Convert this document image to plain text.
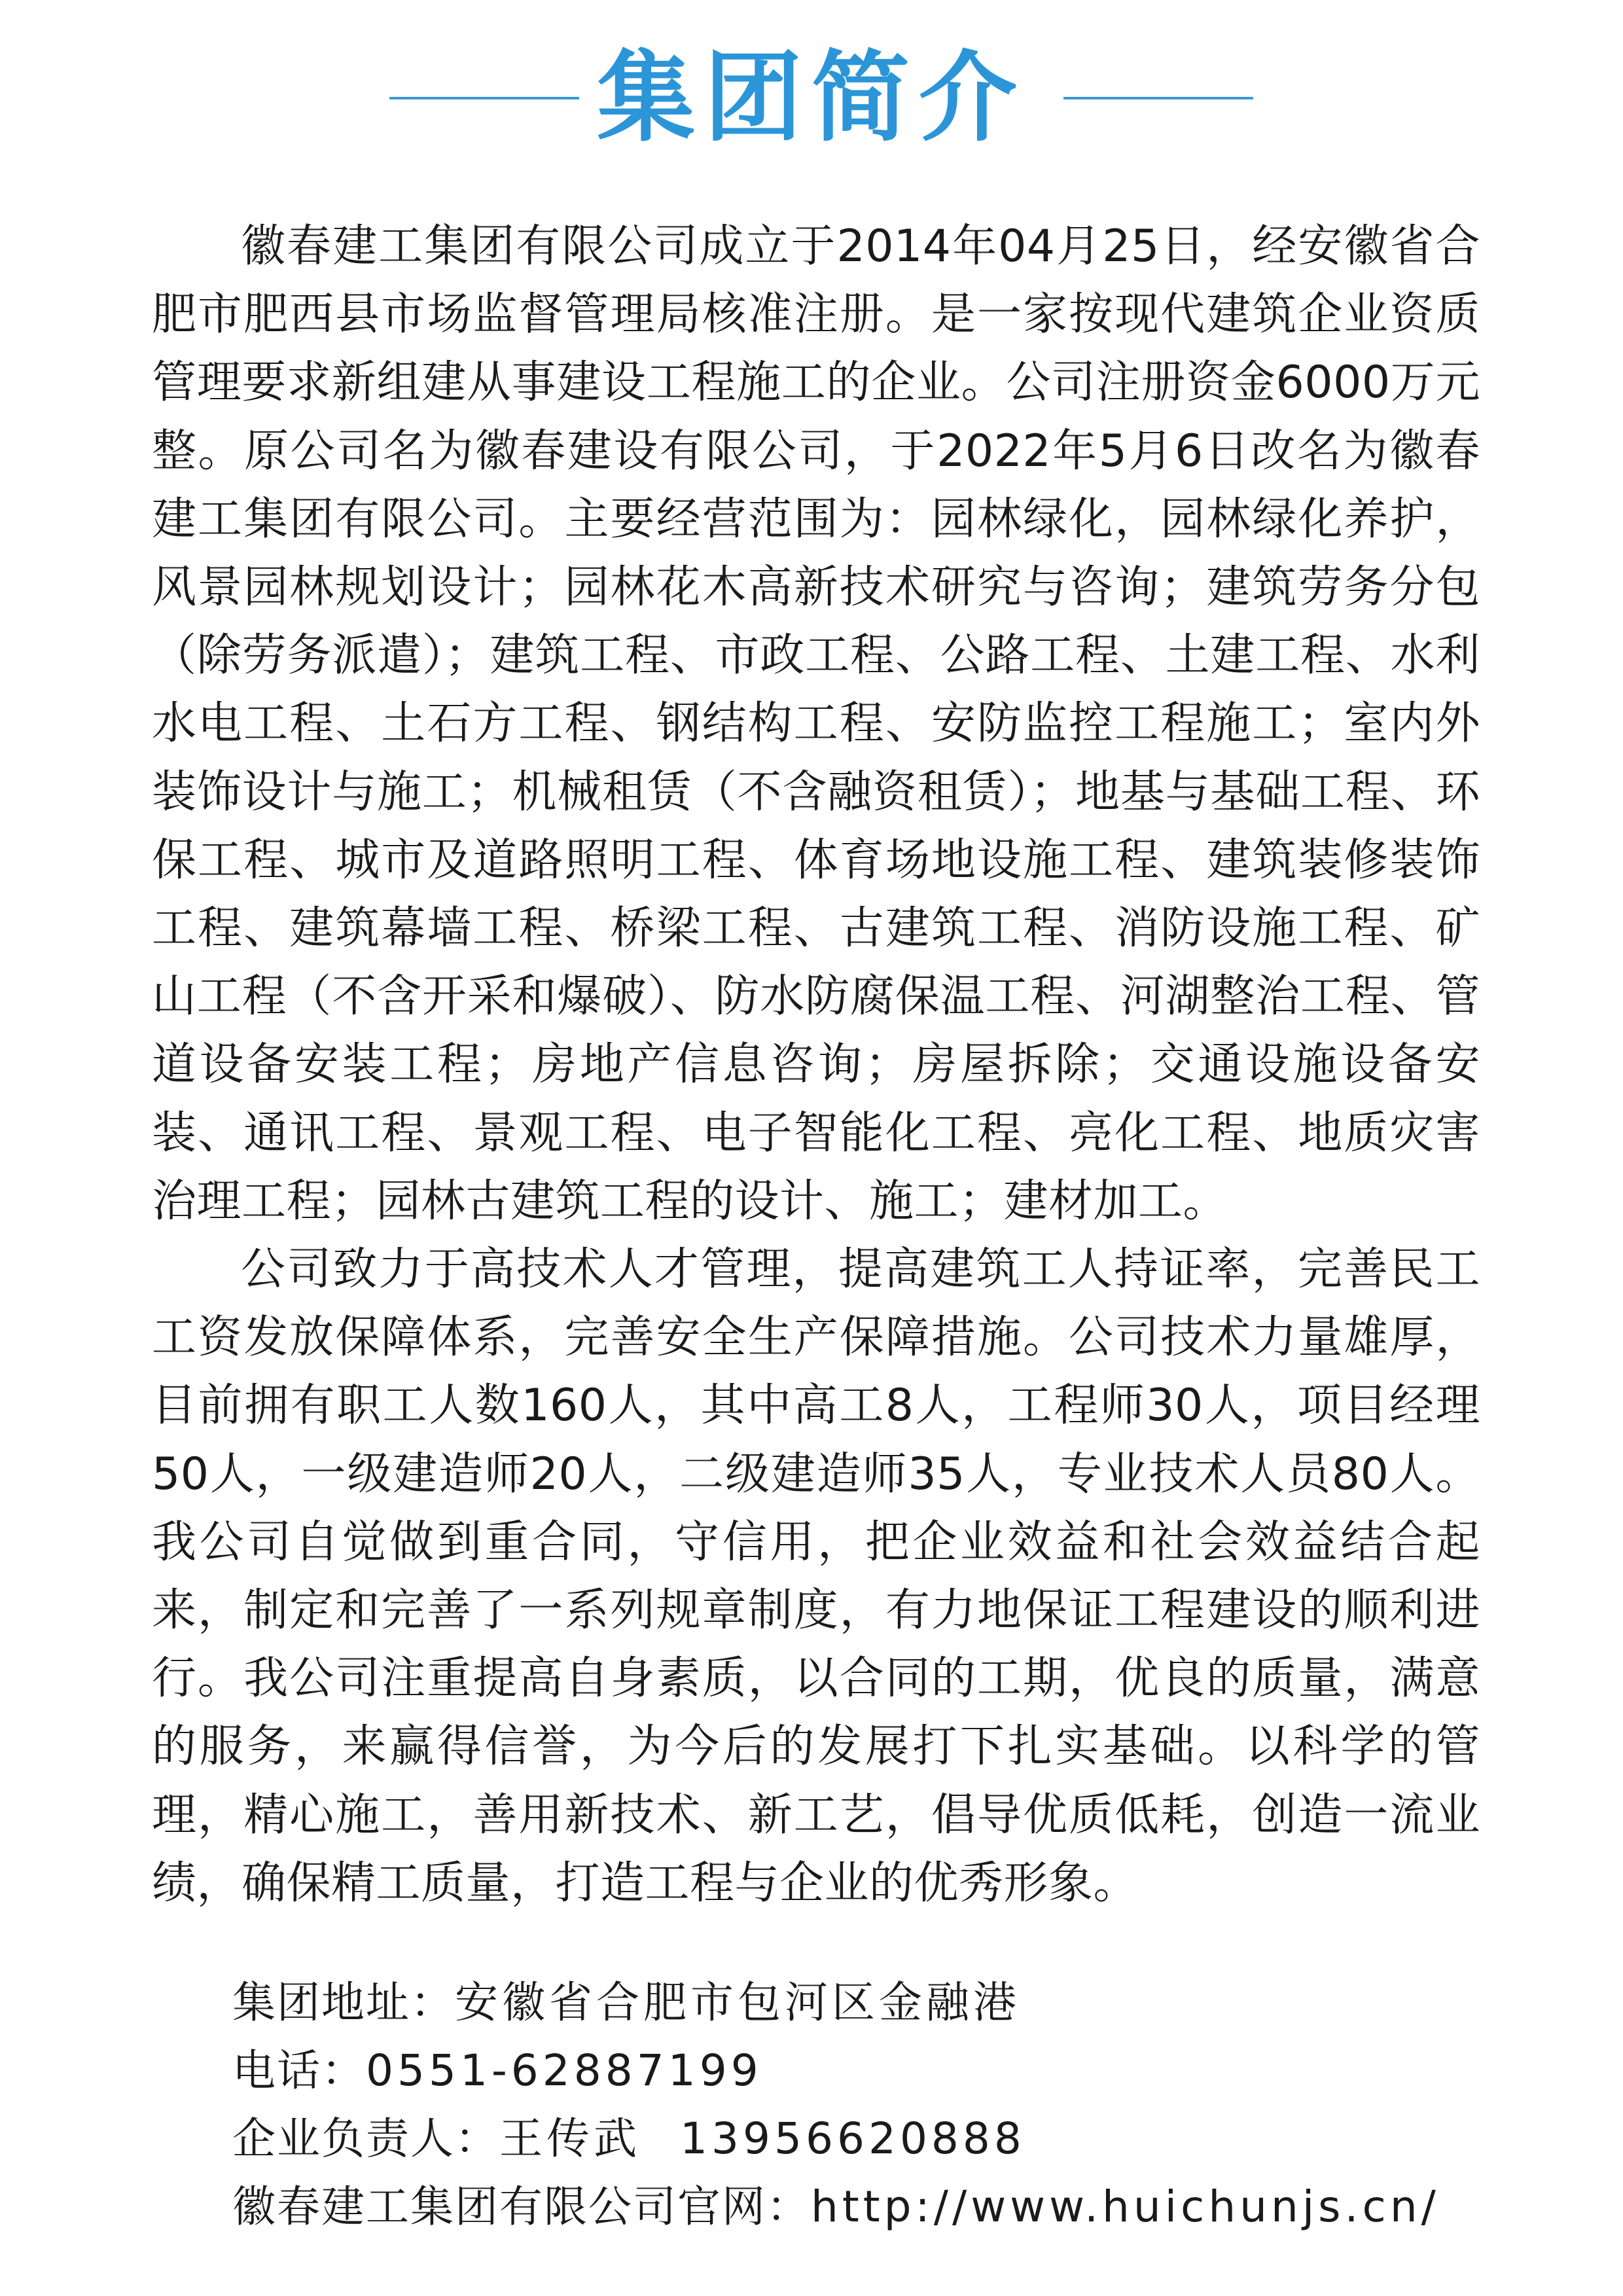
集团简介

徽春建工集团有限公司成立于2014年04月25日，经安徽省合肥市肥西县市场监督管理局核准注册。是一家按现代建筑企业资质管理要求新组建从事建设工程施工的企业。公司注册资金6000万元整。原公司名为徽春建设有限公司，于2022年5月6日改名为徽春建工集团有限公司。主要经营范围为：园林绿化，园林绿化养护，风景园林规划设计；园林花木高新技术研究与咨询；建筑劳务分包（除劳务派遣）；建筑工程、市政工程、公路工程、土建工程、水利水电工程、土石方工程、钢结构工程、安防监控工程施工；室内外装饰设计与施工；机械租赁（不含融资租赁）；地基与基础工程、环保工程、城市及道路照明工程、体育场地设施工程、建筑装修装饰工程、建筑幕墙工程、桥梁工程、古建筑工程、消防设施工程、矿山工程（不含开采和爆破）、防水防腐保温工程、河湖整治工程、管道设备安装工程；房地产信息咨询；房屋拆除；交通设施设备安装、通讯工程、景观工程、电子智能化工程、亮化工程、地质灾害治理工程；园林古建筑工程的设计、施工；建材加工。

公司致力于高技术人才管理，提高建筑工人持证率，完善民工工资发放保障体系，完善安全生产保障措施。公司技术力量雄厚，目前拥有职工人数160人，其中高工8人，工程师30人，项目经理50人，一级建造师20人，二级建造师35人，专业技术人员80人。我公司自觉做到重合同，守信用，把企业效益和社会效益结合起来，制定和完善了一系列规章制度，有力地保证工程建设的顺利进行。我公司注重提高自身素质，以合同的工期，优良的质量，满意的服务，来赢得信誉，为今后的发展打下扎实基础。以科学的管理，精心施工，善用新技术、新工艺，倡导优质低耗，创造一流业绩，确保精工质量，打造工程与企业的优秀形象。

集团地址：安徽省合肥市包河区金融港
电话：0551-62887199
企业负责人：王传武 13956620888
徽春建工集团有限公司官网：http://www.huichunjs.cn/
